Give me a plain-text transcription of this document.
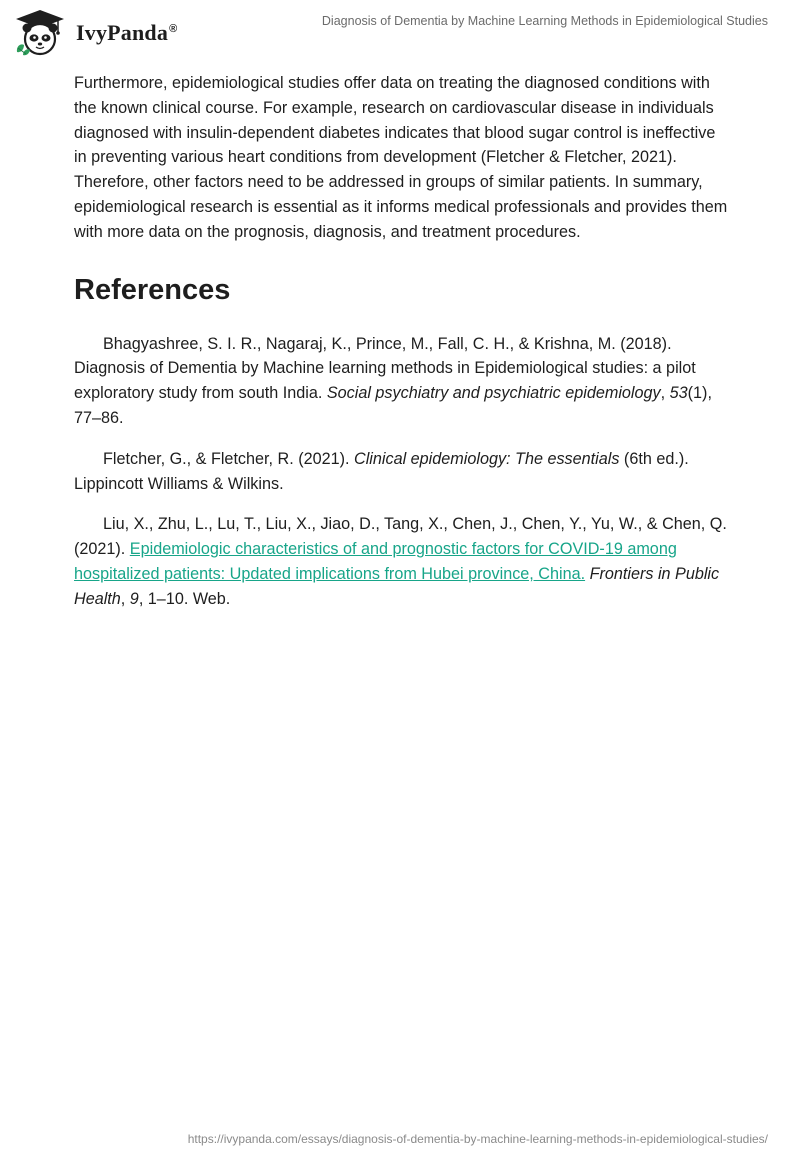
IvyPanda®
Diagnosis of Dementia by Machine Learning Methods in Epidemiological Studies

Furthermore, epidemiological studies offer data on treating the diagnosed conditions with the known clinical course. For example, research on cardiovascular disease in individuals diagnosed with insulin-dependent diabetes indicates that blood sugar control is ineffective in preventing various heart conditions from development (Fletcher & Fletcher, 2021). Therefore, other factors need to be addressed in groups of similar patients. In summary, epidemiological research is essential as it informs medical professionals and provides them with more data on the prognosis, diagnosis, and treatment procedures.

References

Bhagyashree, S. I. R., Nagaraj, K., Prince, M., Fall, C. H., & Krishna, M. (2018). Diagnosis of Dementia by Machine learning methods in Epidemiological studies: a pilot exploratory study from south India. Social psychiatry and psychiatric epidemiology, 53(1), 77–86.

Fletcher, G., & Fletcher, R. (2021). Clinical epidemiology: The essentials (6th ed.). Lippincott Williams & Wilkins.

Liu, X., Zhu, L., Lu, T., Liu, X., Jiao, D., Tang, X., Chen, J., Chen, Y., Yu, W., & Chen, Q. (2021). Epidemiologic characteristics of and prognostic factors for COVID-19 among hospitalized patients: Updated implications from Hubei province, China. Frontiers in Public Health, 9, 1–10. Web.

https://ivypanda.com/essays/diagnosis-of-dementia-by-machine-learning-methods-in-epidemiological-studies/
